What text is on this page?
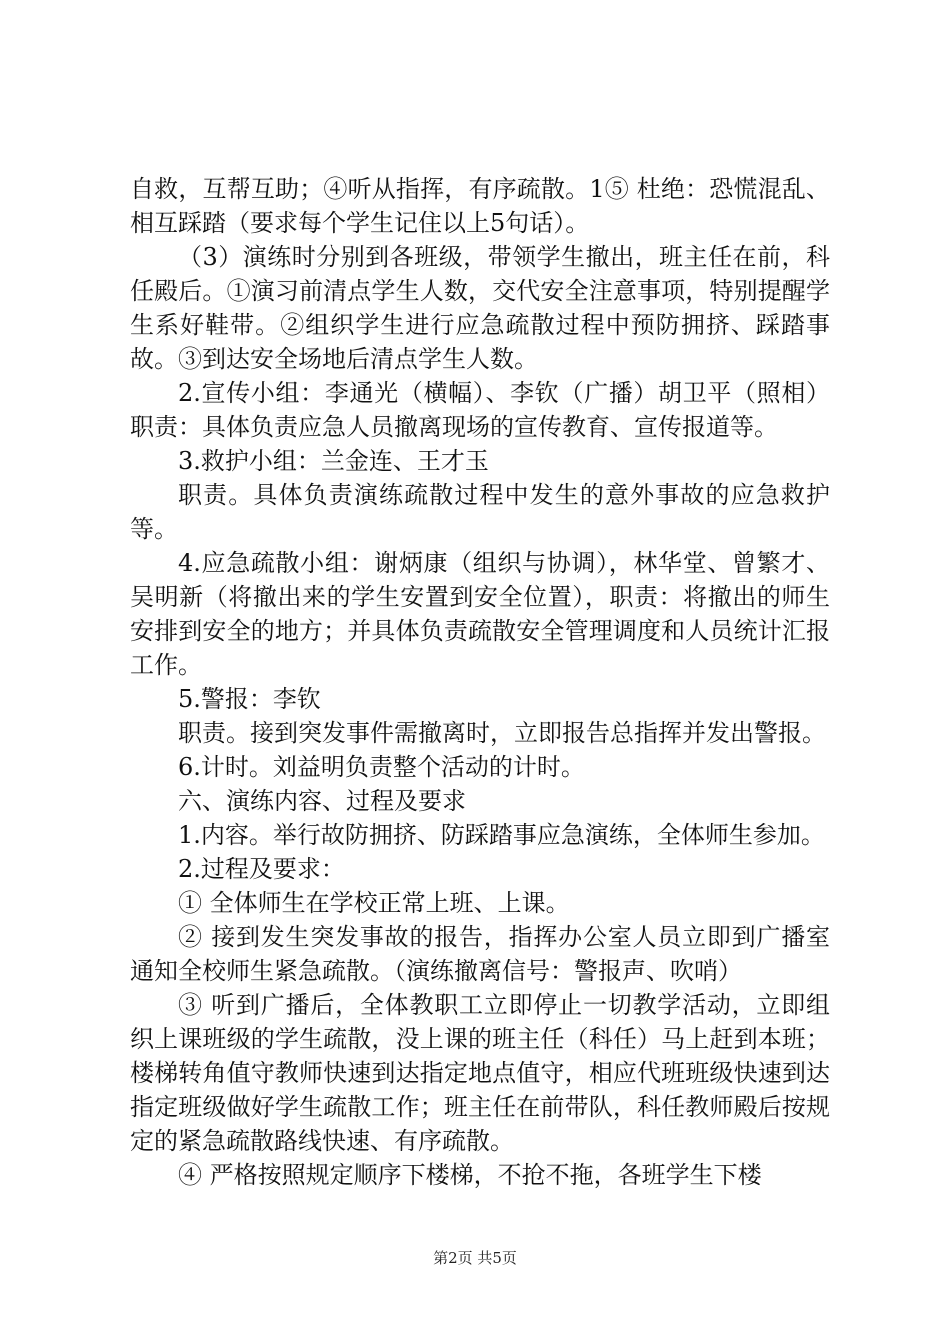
自救，互帮互助；④听从指挥，有序疏散。1⑤ 杜绝：恐慌混乱、相互踩踏（要求每个学生记住以上5句话）。

（3）演练时分别到各班级，带领学生撤出，班主任在前，科任殿后。①演习前清点学生人数，交代安全注意事项，特别提醒学生系好鞋带。②组织学生进行应急疏散过程中预防拥挤、踩踏事故。③到达安全场地后清点学生人数。

2.宣传小组：李通光（横幅）、李钦（广播）胡卫平（照相）职责：具体负责应急人员撤离现场的宣传教育、宣传报道等。

3.救护小组：兰金连、王才玉

职责。具体负责演练疏散过程中发生的意外事故的应急救护等。

4.应急疏散小组：谢炳康（组织与协调），林华堂、曾繁才、吴明新（将撤出来的学生安置到安全位置），职责：将撤出的师生安排到安全的地方；并具体负责疏散安全管理调度和人员统计汇报工作。

5.警报：李钦

职责。接到突发事件需撤离时，立即报告总指挥并发出警报。

6.计时。刘益明负责整个活动的计时。

六、演练内容、过程及要求

1.内容。举行故防拥挤、防踩踏事应急演练，全体师生参加。

2.过程及要求：

① 全体师生在学校正常上班、上课。

② 接到发生突发事故的报告，指挥办公室人员立即到广播室通知全校师生紧急疏散。（演练撤离信号：警报声、吹哨）

③ 听到广播后，全体教职工立即停止一切教学活动，立即组织上课班级的学生疏散，没上课的班主任（科任）马上赶到本班；楼梯转角值守教师快速到达指定地点值守，相应代班班级快速到达指定班级做好学生疏散工作；班主任在前带队，科任教师殿后按规定的紧急疏散路线快速、有序疏散。

④ 严格按照规定顺序下楼梯，不抢不拖，各班学生下楼

第2页 共5页
